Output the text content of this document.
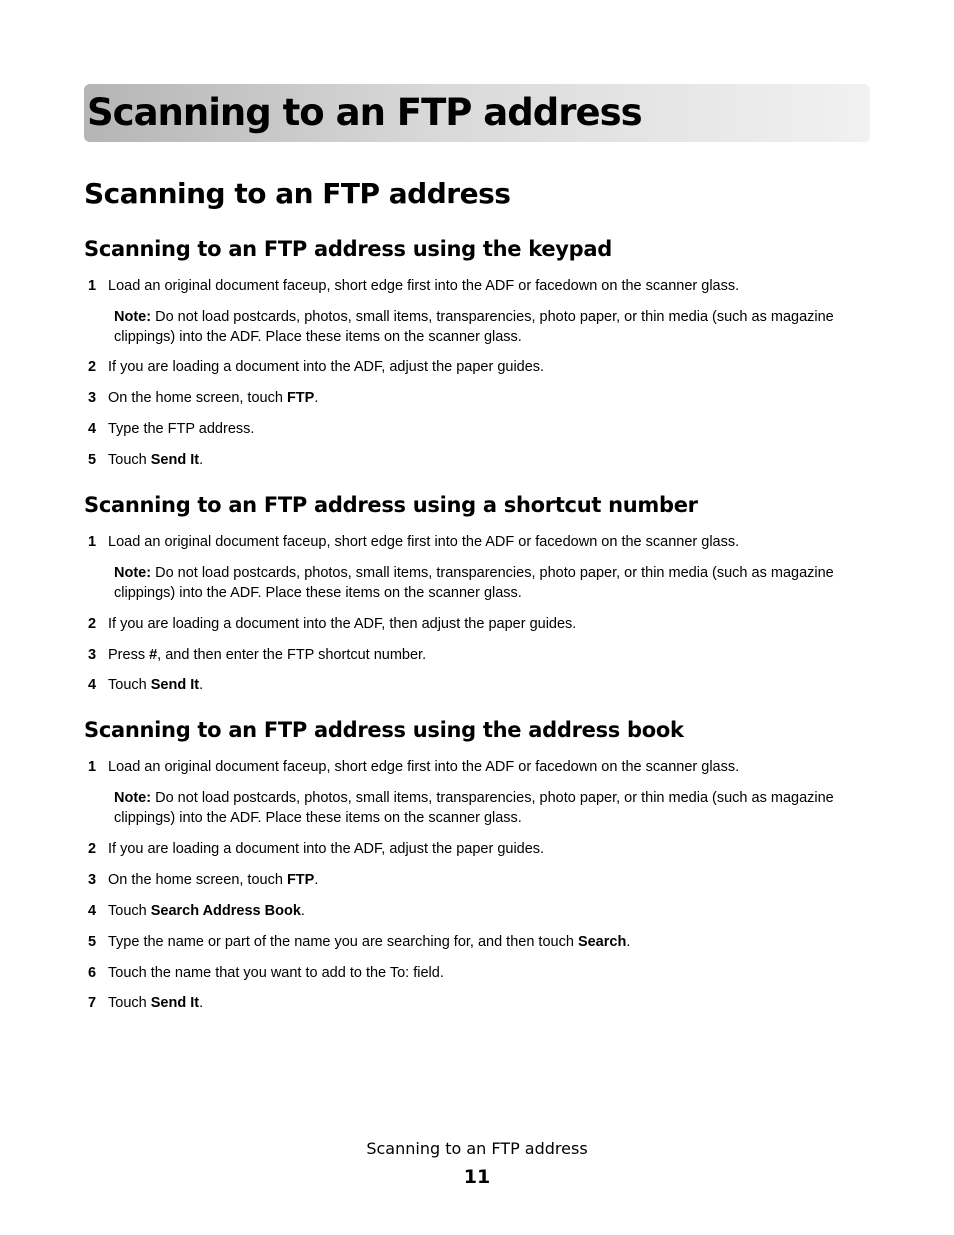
Scanning to an FTP address
Scanning to an FTP address
Scanning to an FTP address using the keypad
1 Load an original document faceup, short edge first into the ADF or facedown on the scanner glass.
Note: Do not load postcards, photos, small items, transparencies, photo paper, or thin media (such as magazine clippings) into the ADF. Place these items on the scanner glass.
2 If you are loading a document into the ADF, adjust the paper guides.
3 On the home screen, touch FTP.
4 Type the FTP address.
5 Touch Send It.
Scanning to an FTP address using a shortcut number
1 Load an original document faceup, short edge first into the ADF or facedown on the scanner glass.
Note: Do not load postcards, photos, small items, transparencies, photo paper, or thin media (such as magazine clippings) into the ADF. Place these items on the scanner glass.
2 If you are loading a document into the ADF, then adjust the paper guides.
3 Press #, and then enter the FTP shortcut number.
4 Touch Send It.
Scanning to an FTP address using the address book
1 Load an original document faceup, short edge first into the ADF or facedown on the scanner glass.
Note: Do not load postcards, photos, small items, transparencies, photo paper, or thin media (such as magazine clippings) into the ADF. Place these items on the scanner glass.
2 If you are loading a document into the ADF, adjust the paper guides.
3 On the home screen, touch FTP.
4 Touch Search Address Book.
5 Type the name or part of the name you are searching for, and then touch Search.
6 Touch the name that you want to add to the To: field.
7 Touch Send It.
Scanning to an FTP address
11
